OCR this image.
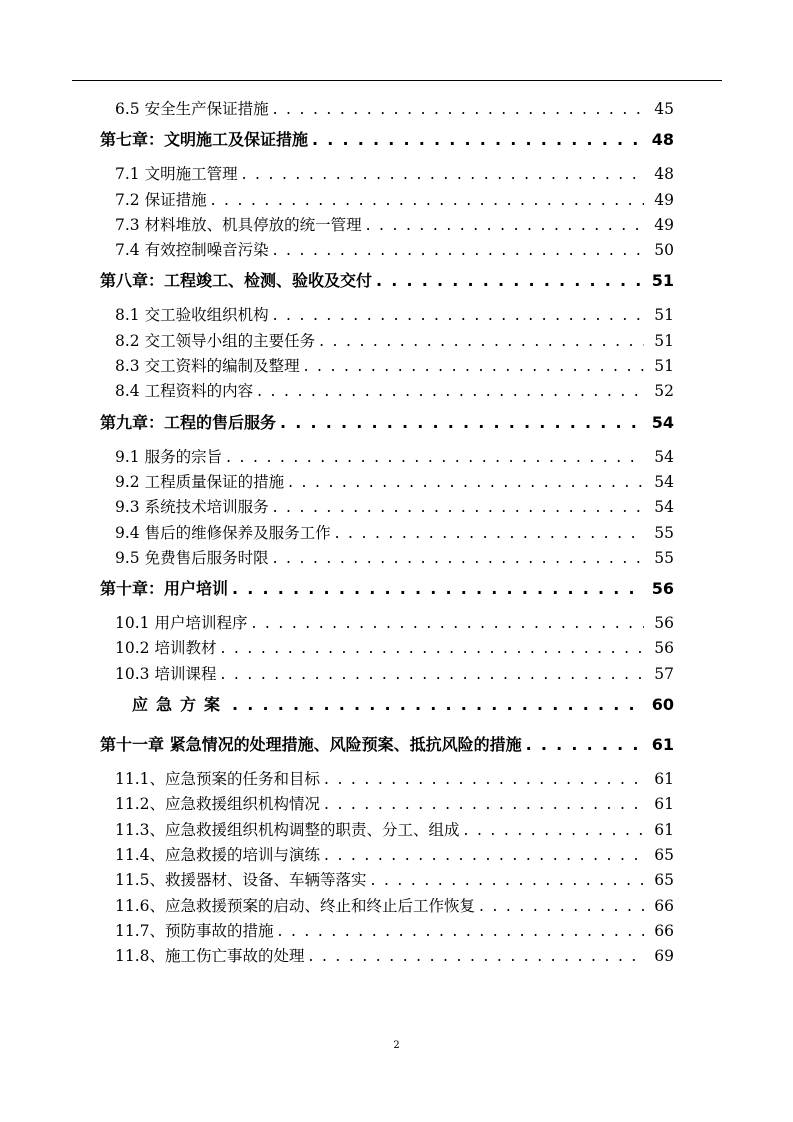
6.5 安全生产保证措施 . . .	45
第七章：文明施工及保证措施 . . .	48
7.1 文明施工管理 . . .	48
7.2 保证措施 . . .	49
7.3 材料堆放、机具停放的统一管理 . . .	49
7.4 有效控制噪音污染 . . .	50
第八章：工程竣工、检测、验收及交付 . . .	51
8.1 交工验收组织机构 . . .	51
8.2 交工领导小组的主要任务 . . .	51
8.3 交工资料的编制及整理 . . .	51
8.4 工程资料的内容 . . .	52
第九章：工程的售后服务 . . .	54
9.1 服务的宗旨 . . .	54
9.2 工程质量保证的措施 . . .	54
9.3 系统技术培训服务 . . .	54
9.4 售后的维修保养及服务工作 . . .	55
9.5 免费售后服务时限 . . .	55
第十章：用户培训 . . .	56
10.1 用户培训程序 . . .	56
10.2 培训教材 . . .	56
10.3 培训课程 . . .	57
应急方案 . . .	60
第十一章 紧急情况的处理措施、风险预案、抵抗风险的措施 . . .	61
11.1、应急预案的任务和目标 . . .	61
11.2、应急救援组织机构情况 . . .	61
11.3、应急救援组织机构调整的职责、分工、组成 . . .	61
11.4、应急救援的培训与演练 . . .	65
11.5、救援器材、设备、车辆等落实 . . .	65
11.6、应急救援预案的启动、终止和终止后工作恢复 . . .	66
11.7、预防事故的措施 . . .	66
11.8、施工伤亡事故的处理 . . .	69
2
